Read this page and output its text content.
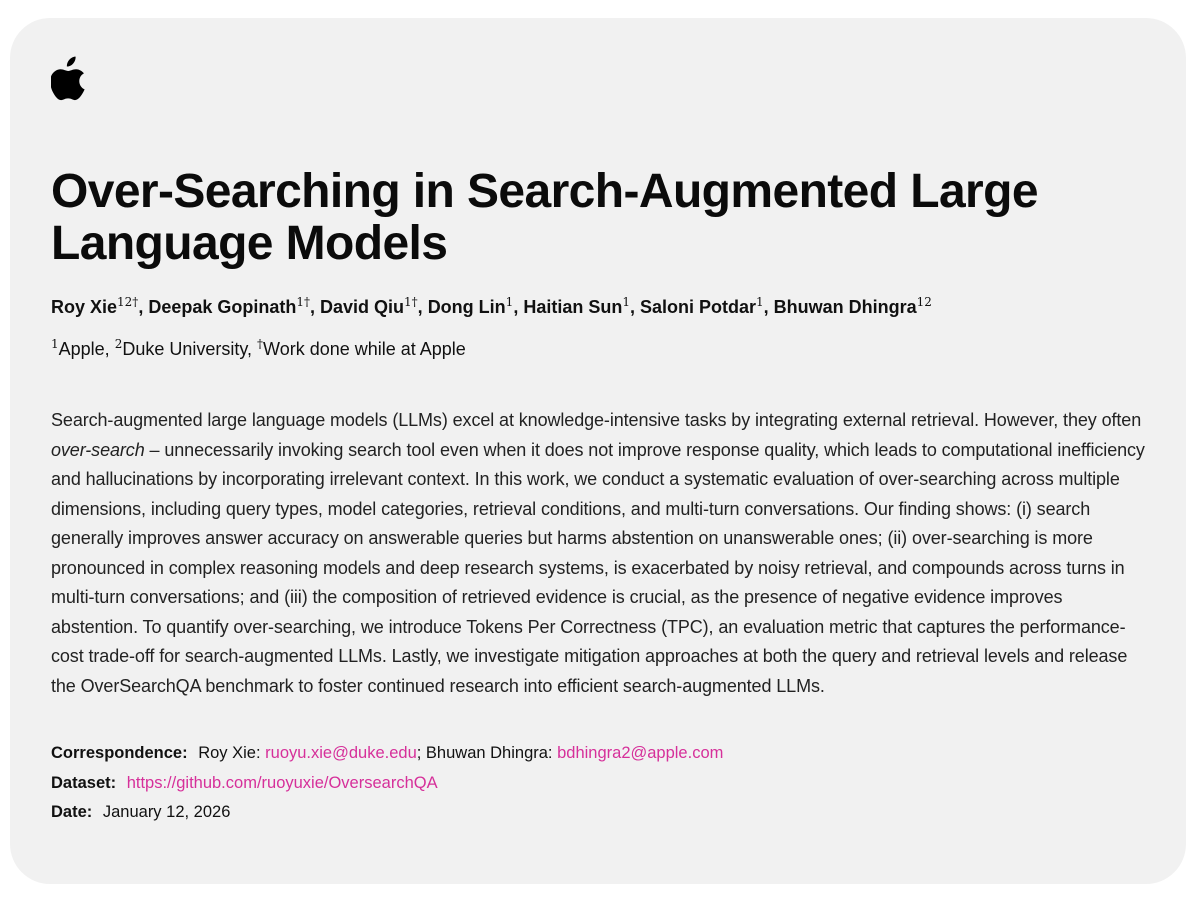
Over-Searching in Search-Augmented Large Language Models
Roy Xie$^{12\dagger}$, Deepak Gopinath$^{1\dagger}$, David Qiu$^{1\dagger}$, Dong Lin$^1$, Haitian Sun$^1$, Saloni Potdar$^1$, Bhuwan Dhingra$^{12}$
$^1$Apple, $^2$Duke University, †Work done while at Apple
Search-augmented large language models (LLMs) excel at knowledge-intensive tasks by integrating external retrieval. However, they often over-search – unnecessarily invoking search tool even when it does not improve response quality, which leads to computational inefficiency and hallucinations by incorporating irrelevant context. In this work, we conduct a systematic evaluation of over-searching across multiple dimensions, including query types, model categories, retrieval conditions, and multi-turn conversations. Our finding shows: (i) search generally improves answer accuracy on answerable queries but harms abstention on unanswerable ones; (ii) over-searching is more pronounced in complex reasoning models and deep research systems, is exacerbated by noisy retrieval, and compounds across turns in multi-turn conversations; and (iii) the composition of retrieved evidence is crucial, as the presence of negative evidence improves abstention. To quantify over-searching, we introduce Tokens Per Correctness (TPC), an evaluation metric that captures the performance-cost trade-off for search-augmented LLMs. Lastly, we investigate mitigation approaches at both the query and retrieval levels and release the OverSearchQA benchmark to foster continued research into efficient search-augmented LLMs.
Correspondence: Roy Xie: ruoyu.xie@duke.edu; Bhuwan Dhingra: bdhingra2@apple.com
Dataset: https://github.com/ruoyuxie/OversearchQA
Date: January 12, 2026
